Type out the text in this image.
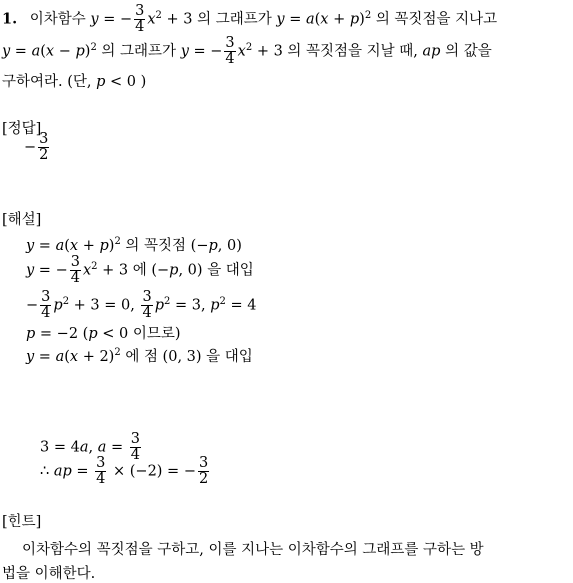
1. 이차함수 y = − $\frac{3}{4} x^2 + 3$ 의 그래프가 $y = a(x + p)^2$ 의 꼭짓점을 지나고
$y = a(x - p)^2$ 의 그래프가 y = − $\frac{3}{4} x^2 + 3$ 의 꼭짓점을 지날 때, ap 의 값을
구하여라. (단, p < 0 )
[정답]
− $\frac{3}{2}$
[해설]
$y = a(x + p)^2$ 의 꼭짓점 (−p, 0)
y = − $\frac{3}{4} x^2 + 3$ 에 (−p, 0) 을 대입
− $\frac{3}{4} p^2 + 3 = 0$, $\frac{3}{4} p^2 = 3$, $p^2 = 4$
p = −2 (p < 0 이므로)
$y = a(x + 2)^2$ 에 점 (0, 3) 을 대입
3 = 4a, $a = \frac{3}{4}$
∴ ap = $\frac{3}{4} \times (-2)$ = − $\frac{3}{2}$
[힌트]
이차함수의 꼭짓점을 구하고, 이를 지나는 이차함수의 그래프를 구하는 방
법을 이해한다.
